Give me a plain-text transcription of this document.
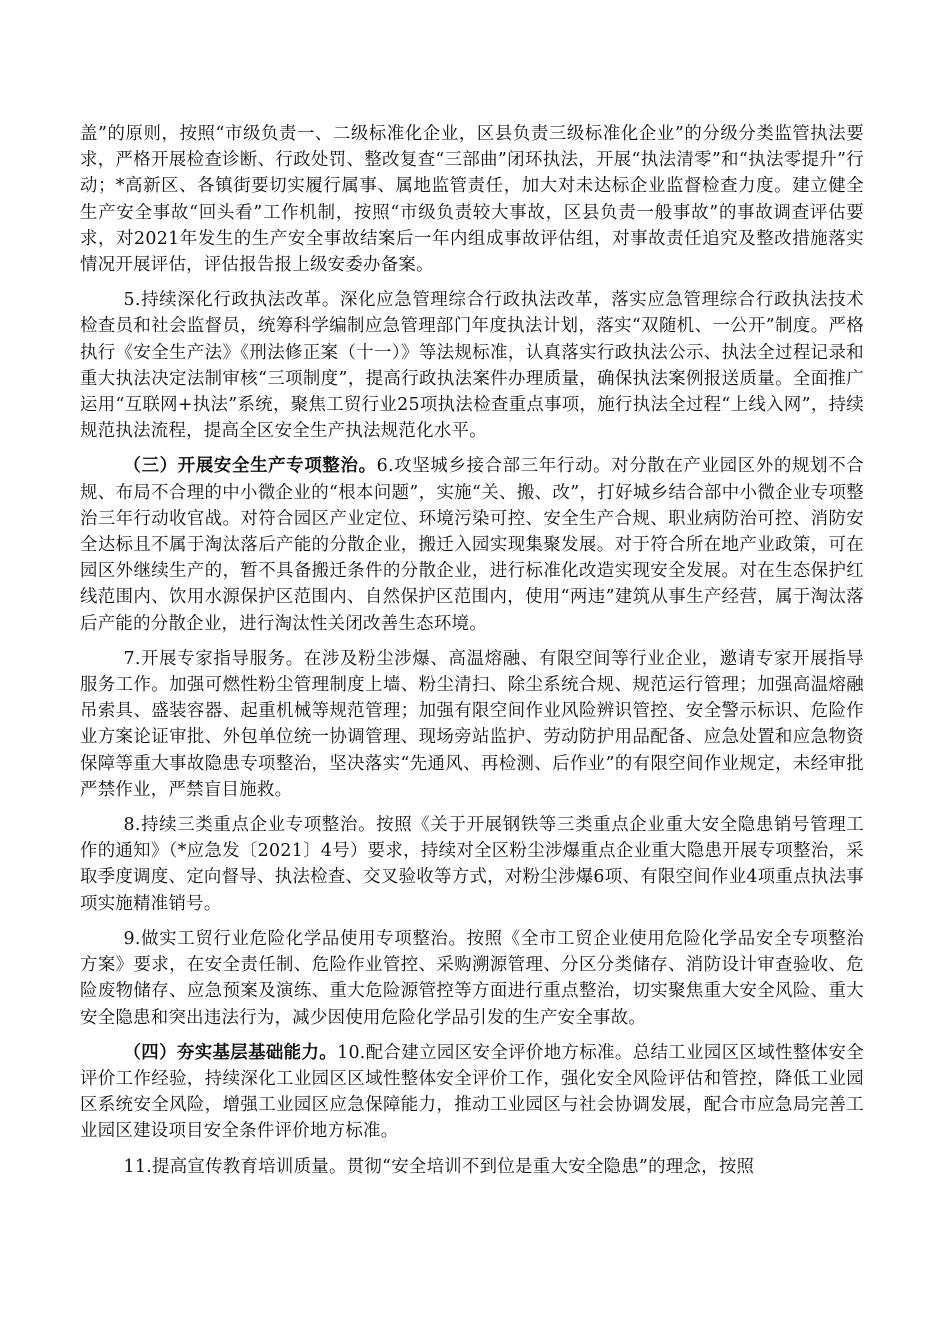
盖”的原则，按照“市级负责一、二级标准化企业，区县负责三级标准化企业”的分级分类监管执法要求，严格开展检查诊断、行政处罚、整改复查“三部曲”闭环执法，开展“执法清零”和“执法零提升”行动；*高新区、各镇街要切实履行属事、属地监管责任，加大对未达标企业监督检查力度。建立健全生产安全事故“回头看”工作机制，按照“市级负责较大事故，区县负责一般事故”的事故调查评估要求，对2021年发生的生产安全事故结案后一年内组成事故评估组，对事故责任追究及整改措施落实情况开展评估，评估报告报上级安委办备案。

5.持续深化行政执法改革。深化应急管理综合行政执法改革，落实应急管理综合行政执法技术检查员和社会监督员，统筹科学编制应急管理部门年度执法计划，落实“双随机、一公开”制度。严格执行《安全生产法》《刑法修正案（十一）》等法规标准，认真落实行政执法公示、执法全过程记录和重大执法决定法制审核“三项制度”，提高行政执法案件办理质量，确保执法案例报送质量。全面推广运用“互联网+执法”系统，聚焦工贸行业25项执法检查重点事项，施行执法全过程“上线入网”，持续规范执法流程，提高全区安全生产执法规范化水平。

（三）开展安全生产专项整治。6.攻坚城乡接合部三年行动。对分散在产业园区外的规划不合规、布局不合理的中小微企业的“根本问题”，实施“关、搬、改”，打好城乡结合部中小微企业专项整治三年行动收官战。对符合园区产业定位、环境污染可控、安全生产合规、职业病防治可控、消防安全达标且不属于淘汰落后产能的分散企业，搬迁入园实现集聚发展。对于符合所在地产业政策，可在园区外继续生产的，暂不具备搬迁条件的分散企业，进行标准化改造实现安全发展。对在生态保护红线范围内、饮用水源保护区范围内、自然保护区范围内，使用“两违”建筑从事生产经营，属于淘汰落后产能的分散企业，进行淘汰性关闭改善生态环境。

7.开展专家指导服务。在涉及粉尘涉爆、高温熔融、有限空间等行业企业，邀请专家开展指导服务工作。加强可燃性粉尘管理制度上墙、粉尘清扫、除尘系统合规、规范运行管理；加强高温熔融吊索具、盛装容器、起重机械等规范管理；加强有限空间作业风险辨识管控、安全警示标识、危险作业方案论证审批、外包单位统一协调管理、现场旁站监护、劳动防护用品配备、应急处置和应急物资保障等重大事故隐患专项整治，坚决落实“先通风、再检测、后作业”的有限空间作业规定，未经审批严禁作业，严禁盲目施救。

8.持续三类重点企业专项整治。按照《关于开展钢铁等三类重点企业重大安全隐患销号管理工作的通知》（*应急发〔2021〕4号）要求，持续对全区粉尘涉爆重点企业重大隐患开展专项整治，采取季度调度、定向督导、执法检查、交叉验收等方式，对粉尘涉爆6项、有限空间作业4项重点执法事项实施精准销号。

9.做实工贸行业危险化学品使用专项整治。按照《全市工贸企业使用危险化学品安全专项整治方案》要求，在安全责任制、危险作业管控、采购溯源管理、分区分类储存、消防设计审查验收、危险废物储存、应急预案及演练、重大危险源管控等方面进行重点整治，切实聚焦重大安全风险、重大安全隐患和突出违法行为，减少因使用危险化学品引发的生产安全事故。

（四）夯实基层基础能力。10.配合建立园区安全评价地方标准。总结工业园区区域性整体安全评价工作经验，持续深化工业园区区域性整体安全评价工作，强化安全风险评估和管控，降低工业园区系统安全风险，增强工业园区应急保障能力，推动工业园区与社会协调发展，配合市应急局完善工业园区建设项目安全条件评价地方标准。

11.提高宣传教育培训质量。贯彻“安全培训不到位是重大安全隐患”的理念，按照
